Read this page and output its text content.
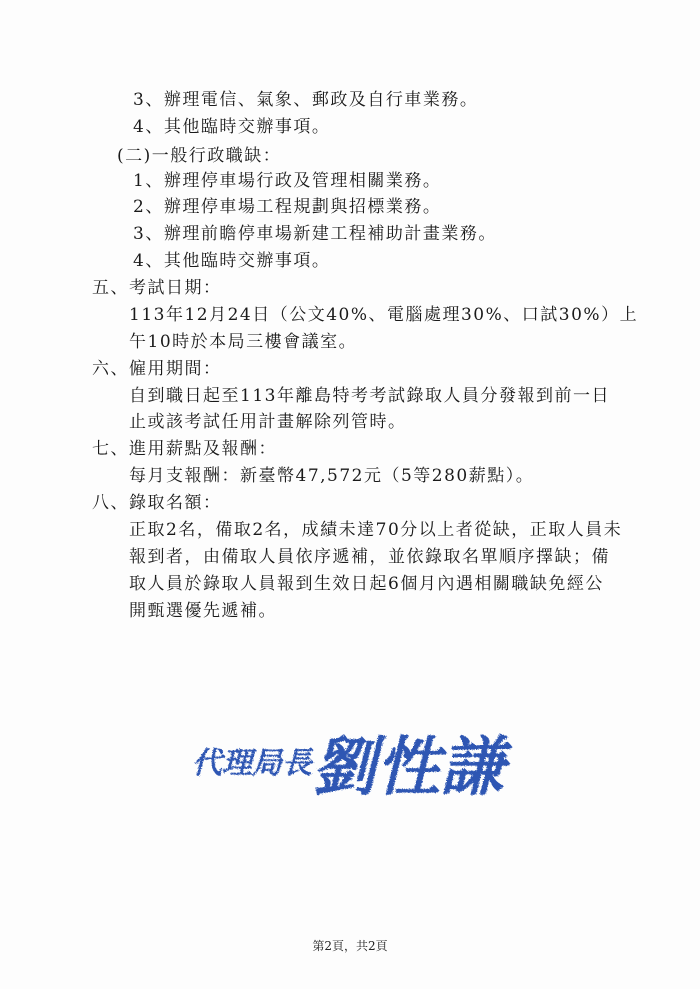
3、辦理電信、氣象、郵政及自行車業務。
4、其他臨時交辦事項。
(二)一般行政職缺：
1、辦理停車場行政及管理相關業務。
2、辦理停車場工程規劃與招標業務。
3、辦理前瞻停車場新建工程補助計畫業務。
4、其他臨時交辦事項。
五、考試日期：
113年12月24日（公文40%、電腦處理30%、口試30%）上
午10時於本局三樓會議室。
六、僱用期間：
自到職日起至113年離島特考考試錄取人員分發報到前一日
止或該考試任用計畫解除列管時。
七、進用薪點及報酬：
每月支報酬：新臺幣47,572元（5等280薪點）。
八、錄取名額：
正取2名，備取2名，成績未達70分以上者從缺，正取人員未
報到者，由備取人員依序遞補，並依錄取名單順序擇缺；備
取人員於錄取人員報到生效日起6個月內遇相關職缺免經公
開甄選優先遞補。
代理局長 劉性謙
第2頁，共2頁
